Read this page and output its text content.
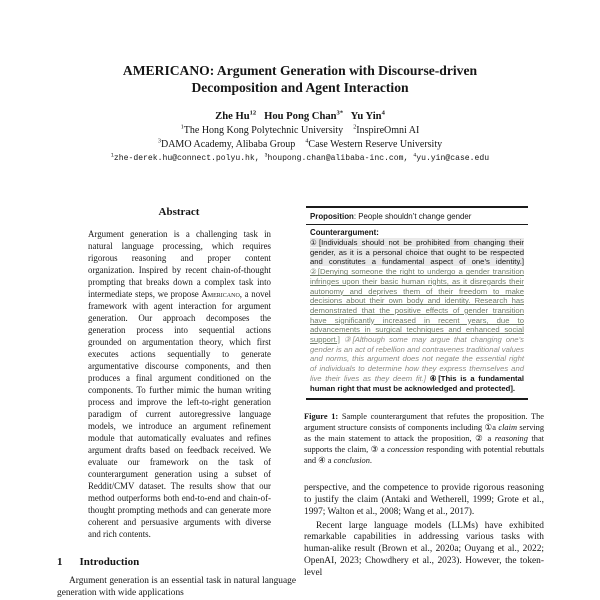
AMERICANO: Argument Generation with Discourse-driven
Decomposition and Agent Interaction
Zhe Hu$^{12}$ Hou Pong Chan$^{3*}$ Yu Yin$^4$
$^1$The Hong Kong Polytechnic University $^2$InspireOmni AI
$^3$DAMO Academy, Alibaba Group $^4$Case Western Reserve University
$^1$zhe-derek.hu@connect.polyu.hk, $^3$houpong.chan@alibaba-inc.com, $^4$yu.yin@case.edu
Abstract
Argument generation is a challenging task in natural language processing, which requires rigorous reasoning and proper content organization. Inspired by recent chain-of-thought prompting that breaks down a complex task into intermediate steps, we propose Americano, a novel framework with agent interaction for argument generation. Our approach decomposes the generation process into sequential actions grounded on argumentation theory, which first executes actions sequentially to generate argumentative discourse components, and then produces a final argument conditioned on the components. To further mimic the human writing process and improve the left-to-right generation paradigm of current autoregressive language models, we introduce an argument refinement module that automatically evaluates and refines argument drafts based on feedback received. We evaluate our framework on the task of counterargument generation using a subset of Reddit/CMV dataset. The results show that our method outperforms both end-to-end and chain-of-thought prompting methods and can generate more coherent and persuasive arguments with diverse and rich contents.
1 Introduction

Argument generation is an essential task in natural language generation with wide applications

Proposition: People shouldn’t change gender
Counterargument:
①[Individuals should not be prohibited from changing their gender, as it is a personal choice that ought to be respected and constitutes a fundamental aspect of one’s identity.] ②[Denying someone the right to undergo a gender transition infringes upon their basic human rights, as it disregards their autonomy and deprives them of their freedom to make decisions about their own body and identity. Research has demonstrated that the positive effects of gender transition have significantly increased in recent years, due to advancements in surgical techniques and enhanced social support.] ③[Although some may argue that changing one’s gender is an act of rebellion and contravenes traditional values and norms, this argument does not negate the essential right of individuals to determine how they express themselves and live their lives as they deem fit.] ④[This is a fundamental human right that must be acknowledged and protected].
Figure 1: Sample counterargument that refutes the proposition. The argument structure consists of components including ①a claim serving as the main statement to attack the proposition, ② a reasoning that supports the claim, ③ a concession responding with potential rebuttals and ④ a conclusion.

perspective, and the competence to provide rigorous reasoning to justify the claim (Antaki and Wetherell, 1999; Grote et al., 1997; Walton et al., 2008; Wang et al., 2017).

Recent large language models (LLMs) have exhibited remarkable capabilities in addressing various tasks with human-alike result (Brown et al., 2020a; Ouyang et al., 2022; OpenAI, 2023; Chowdhery et al., 2023). However, the token-level
